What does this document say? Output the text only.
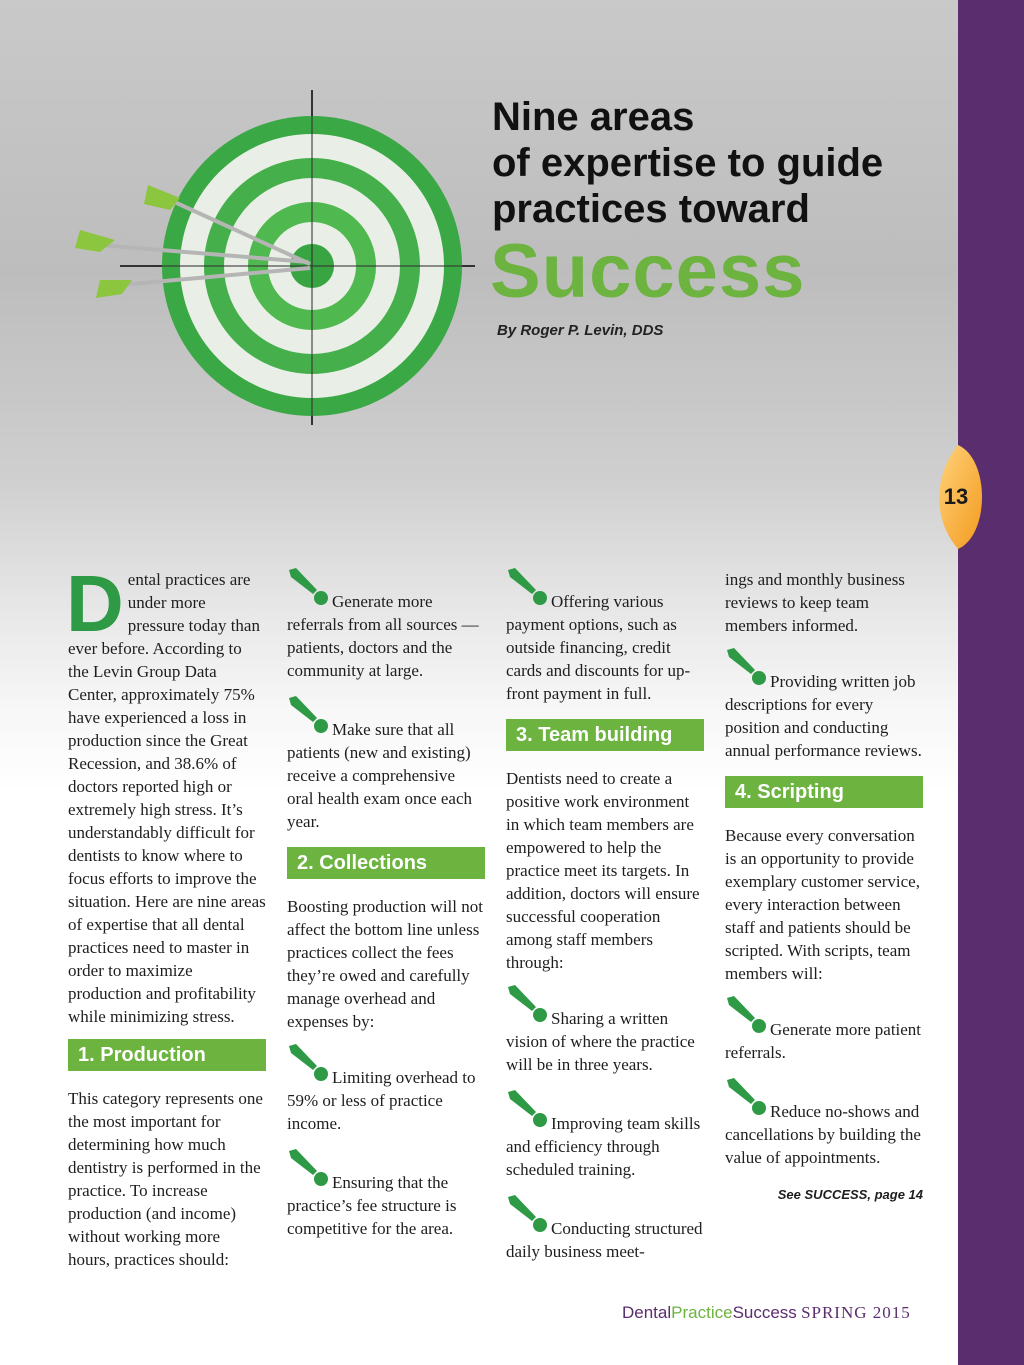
13
Nine areas
of expertise to guide
practices toward
Success
By Roger P. Levin, DDS

Dental practices are under more pressure today than ever before. According to the Levin Group Data Center, approximately 75% have experienced a loss in production since the Great Recession, and 38.6% of doctors reported high or extremely high stress. It’s understandably difficult for dentists to know where to focus efforts to improve the situation. Here are nine areas of expertise that all dental practices need to master in order to maximize production and profitability while minimizing stress.

1. Production

This category represents one the most important for determining how much dentistry is performed in the practice. To increase production (and income) without working more hours, practices should:

Generate more referrals from all sources — patients, doctors and the community at large.
Make sure that all patients (new and existing) receive a comprehensive oral health exam once each year.
2. Collections

Boosting production will not affect the bottom line unless practices collect the fees they’re owed and carefully manage overhead and expenses by:

Limiting overhead to 59% or less of practice income.
Ensuring that the practice’s fee structure is competitive for the area.
Offering various payment options, such as outside financing, credit cards and discounts for up-front payment in full.
3. Team building

Dentists need to create a positive work environment in which team members are empowered to help the practice meet its targets. In addition, doctors will ensure successful cooperation among staff members through:

Sharing a written vision of where the practice will be in three years.
Improving team skills and efficiency through scheduled training.
Conducting structured daily business meet-

ings and monthly business reviews to keep team members informed.

Providing written job descriptions for every position and conducting annual performance reviews.
4. Scripting

Because every conversation is an opportunity to provide exemplary customer service, every interaction between staff and patients should be scripted. With scripts, team members will:

Generate more patient referrals.
Reduce no-shows and cancellations by building the value of appointments.
See SUCCESS, page 14
DentalPracticeSuccess SPRING 2015
